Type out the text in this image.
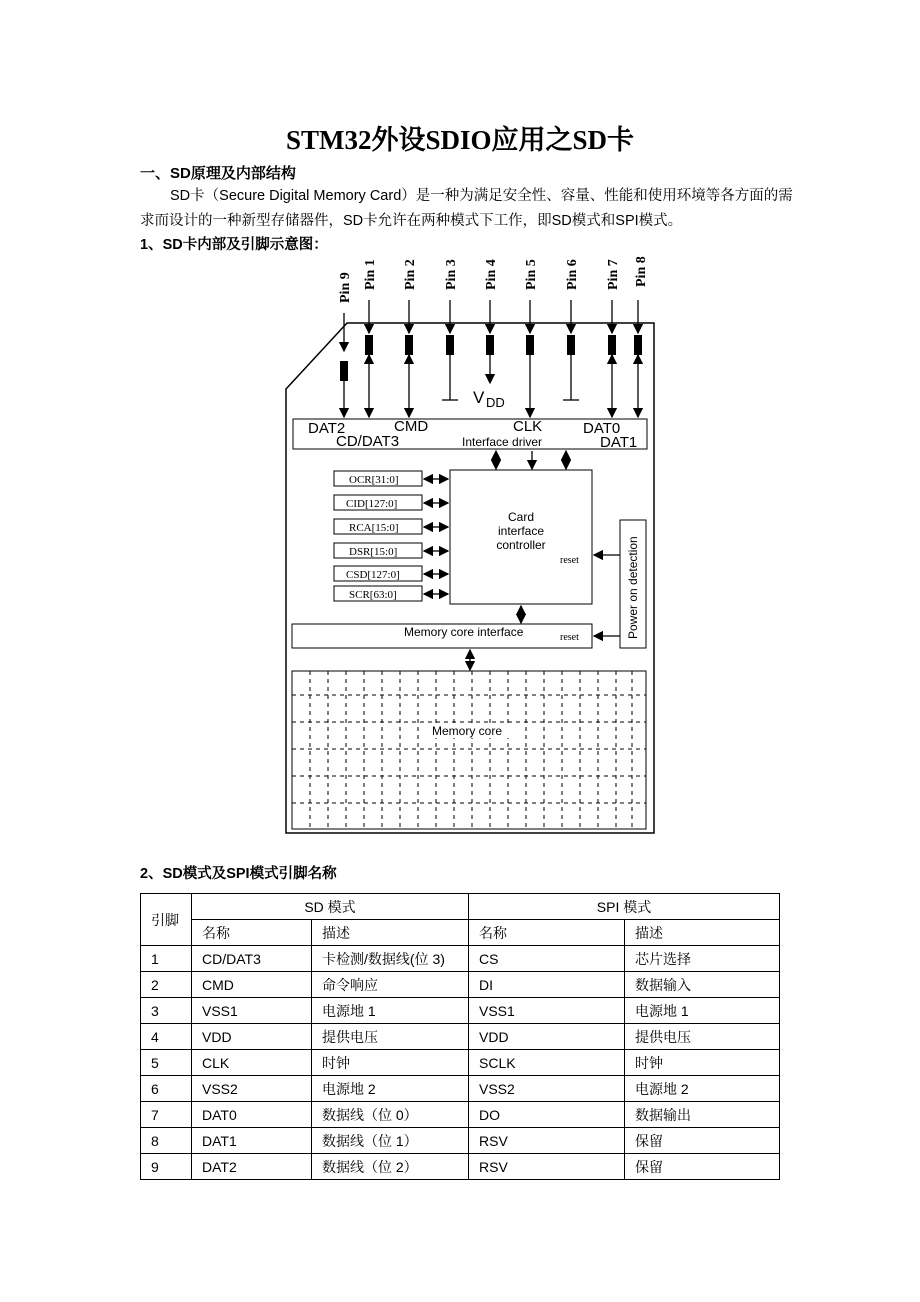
STM32外设SDIO应用之SD卡
一、SD原理及内部结构
SD卡（Secure Digital Memory Card）是一种为满足安全性、容量、性能和使用环境等各方面的需求而设计的一种新型存储器件，SD卡允许在两种模式下工作，即SD模式和SPI模式。
1、SD卡内部及引脚示意图：
Pin 9 Pin 1 Pin 2 Pin 3 Pin 4 Pin 5 Pin 6 Pin 7 Pin 8
V DD
DAT2	CMD	CLK	DAT0
CD/DAT3	Interface driver	DAT1
Card
interface
controller
reset
OCR[31:0]
CID[127:0]
RCA[15:0]
DSR[15:0]
CSD[127:0]
SCR[63:0]	Power on detection
Memory core interface	reset
Memory core
2、SD模式及SPI模式引脚名称
引脚	SD 模式		SPI 模式	
	名称	描述	名称	描述
1	CD/DAT3	卡检测/数据线(位 3)	CS	芯片选择
2	CMD	命令响应	DI	数据输入
3	VSS1	电源地 1	VSS1	电源地 1
4	VDD	提供电压	VDD	提供电压
5	CLK	时钟	SCLK	时钟
6	VSS2	电源地 2	VSS2	电源地 2
7	DAT0	数据线（位 0）	DO	数据输出
8	DAT1	数据线（位 1）	RSV	保留
9	DAT2	数据线（位 2）	RSV	保留
